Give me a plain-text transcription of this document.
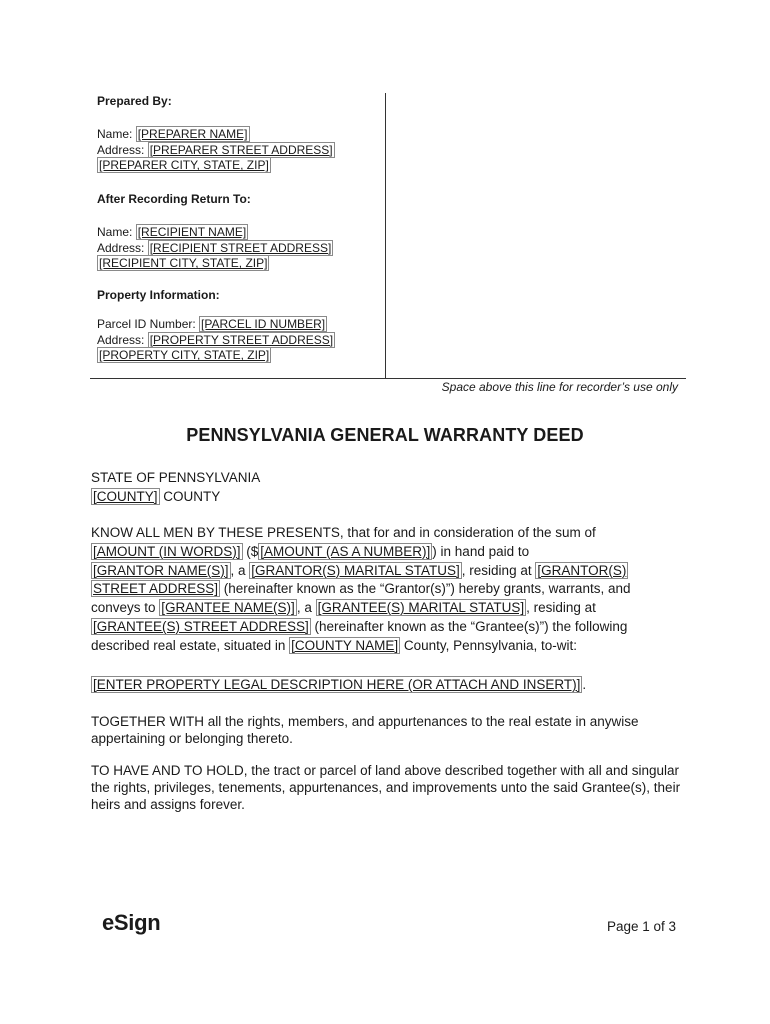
Prepared By:
Name: [PREPARER NAME]
Address: [PREPARER STREET ADDRESS]
[PREPARER CITY, STATE, ZIP]
After Recording Return To:
Name: [RECIPIENT NAME]
Address: [RECIPIENT STREET ADDRESS]
[RECIPIENT CITY, STATE, ZIP]
Property Information:
Parcel ID Number: [PARCEL ID NUMBER]
Address: [PROPERTY STREET ADDRESS]
[PROPERTY CITY, STATE, ZIP]
Space above this line for recorder’s use only
PENNSYLVANIA GENERAL WARRANTY DEED
STATE OF PENNSYLVANIA
[COUNTY] COUNTY
KNOW ALL MEN BY THESE PRESENTS, that for and in consideration of the sum of
[AMOUNT (IN WORDS)] ($ [AMOUNT (AS A NUMBER)] ) in hand paid to
[GRANTOR NAME(S)] , a [GRANTOR(S) MARITAL STATUS] , residing at [GRANTOR(S)
STREET ADDRESS] (hereinafter known as the “Grantor(s)”) hereby grants, warrants, and
conveys to [GRANTEE NAME(S)] , a [GRANTEE(S) MARITAL STATUS] , residing at
[GRANTEE(S) STREET ADDRESS] (hereinafter known as the “Grantee(s)”) the following
described real estate, situated in [COUNTY NAME] County, Pennsylvania, to-wit:
[ENTER PROPERTY LEGAL DESCRIPTION HERE (OR ATTACH AND INSERT)] .
TOGETHER WITH all the rights, members, and appurtenances to the real estate in anywise appertaining or belonging thereto.
TO HAVE AND TO HOLD, the tract or parcel of land above described together with all and singular the rights, privileges, tenements, appurtenances, and improvements unto the said Grantee(s), their heirs and assigns forever.
eSign	Page 1 of 3
